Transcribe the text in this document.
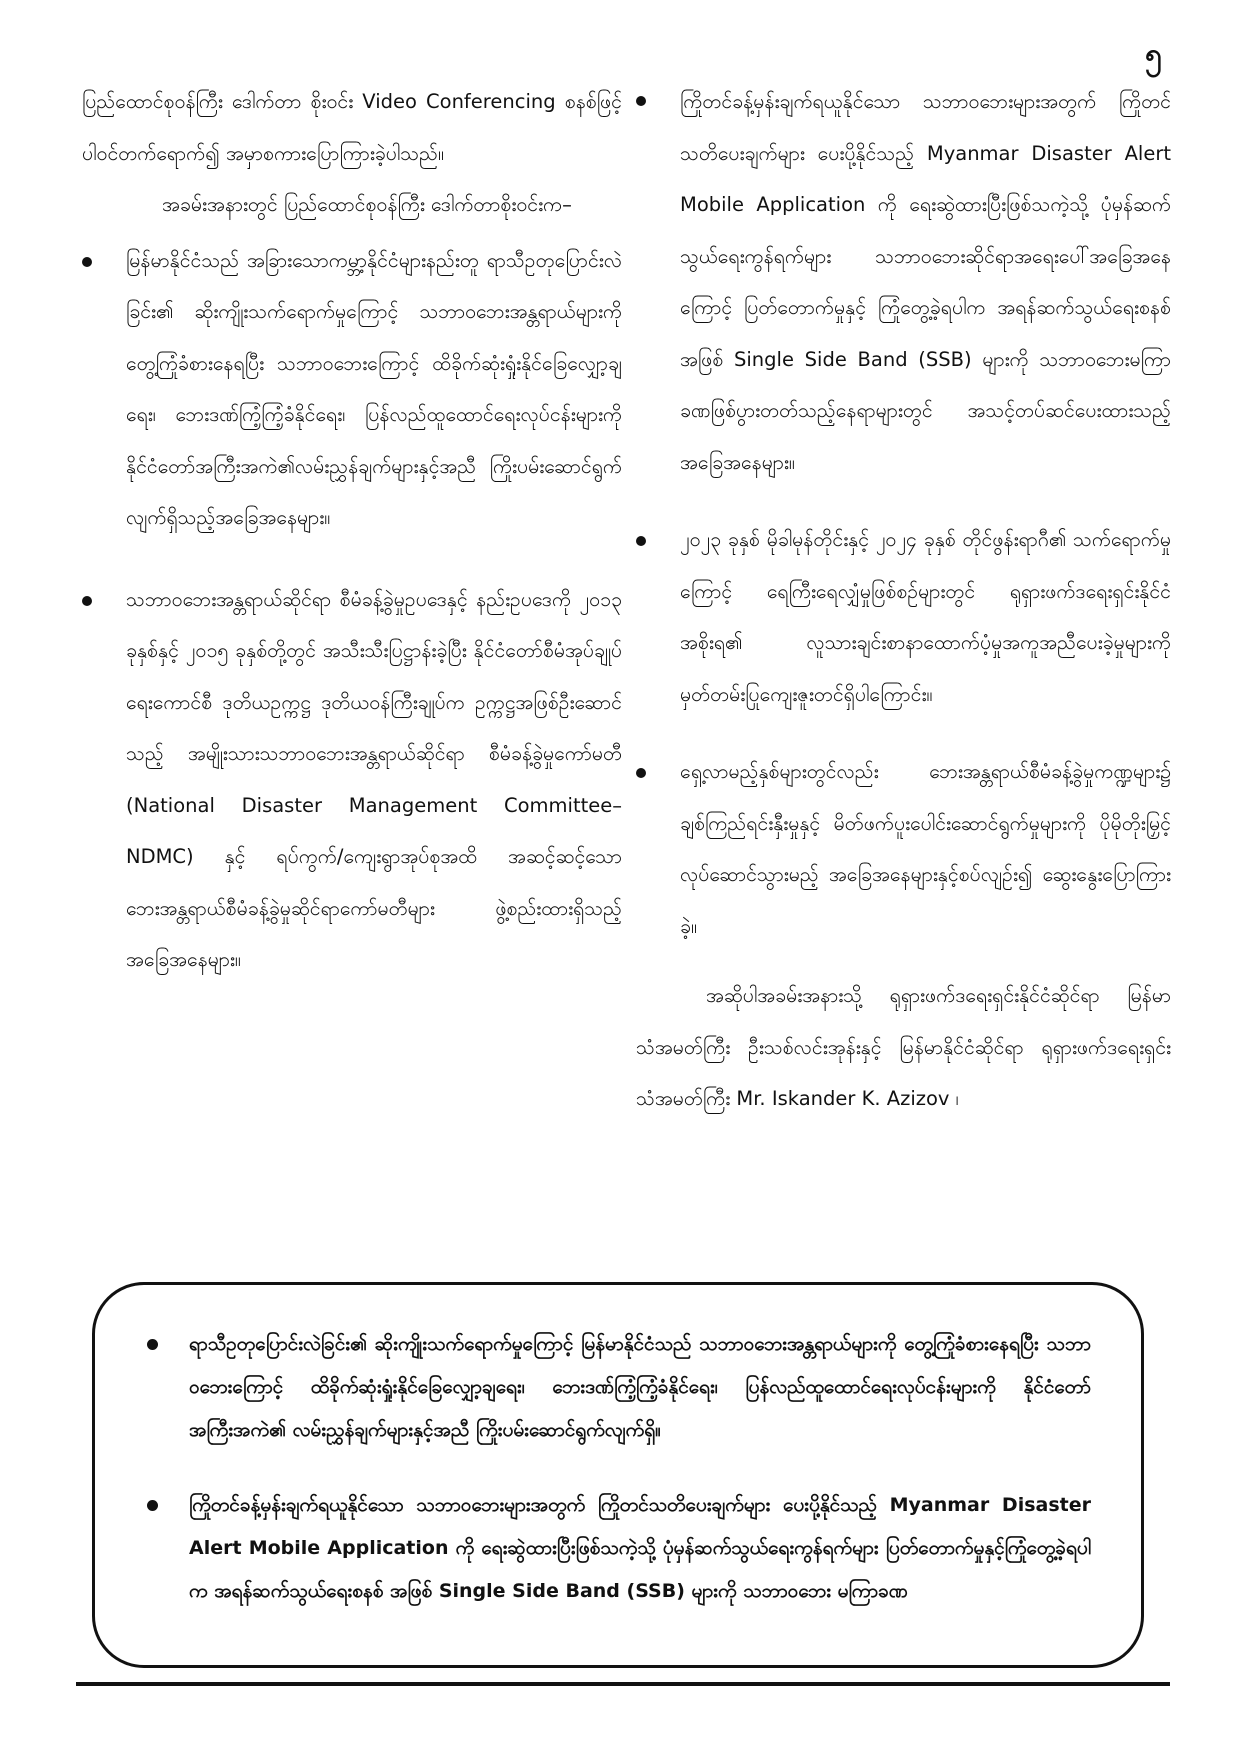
၅

ပြည်ထောင်စုဝန်ကြီး ဒေါက်တာ စိုးဝင်း Video Conferencing စနစ်ဖြင့် ပါဝင်တက်ရောက်၍ အမှာစကားပြောကြားခဲ့ပါသည်။

အခမ်းအနားတွင် ပြည်ထောင်စုဝန်ကြီး ဒေါက်တာစိုးဝင်းက–

မြန်မာနိုင်ငံသည် အခြားသောကမ္ဘာ့နိုင်ငံများနည်းတူ ရာသီဥတုပြောင်းလဲခြင်း၏ ဆိုးကျိုးသက်ရောက်မှုကြောင့် သဘာဝဘေးအန္တရာယ်များကို တွေ့ကြုံခံစားနေရပြီး သဘာဝဘေးကြောင့် ထိခိုက်ဆုံးရှုံးနိုင်ခြေလျှော့ချရေး၊ ဘေးဒဏ်ကြံ့ကြံ့ခံနိုင်ရေး၊ ပြန်လည်ထူထောင်ရေးလုပ်ငန်းများကို နိုင်ငံတော်အကြီးအကဲ၏လမ်းညွှန်ချက်များနှင့်အညီ ကြိုးပမ်းဆောင်ရွက်လျက်ရှိသည့်အခြေအနေများ။
သဘာဝဘေးအန္တရာယ်ဆိုင်ရာ စီမံခန့်ခွဲမှုဥပဒေနှင့် နည်းဥပဒေကို ၂၀၁၃ ခုနှစ်နှင့် ၂၀၁၅ ခုနှစ်တို့တွင် အသီးသီးပြဋ္ဌာန်းခဲ့ပြီး နိုင်ငံတော်စီမံအုပ်ချုပ်ရေးကောင်စီ ဒုတိယဥက္ကဋ္ဌ ဒုတိယဝန်ကြီးချုပ်က ဥက္ကဋ္ဌအဖြစ်ဦးဆောင်သည့် အမျိုးသားသဘာဝဘေးအန္တရာယ်ဆိုင်ရာ စီမံခန့်ခွဲမှုကော်မတီ (National Disaster Management Committee–NDMC) နှင့် ရပ်ကွက်/ကျေးရွာအုပ်စုအထိ အဆင့်ဆင့်သောဘေးအန္တရာယ်စီမံခန့်ခွဲမှုဆိုင်ရာကော်မတီများ ဖွဲ့စည်းထားရှိသည့်အခြေအနေများ။
ကြိုတင်ခန့်မှန်းချက်ရယူနိုင်သော သဘာဝဘေးများအတွက် ကြိုတင်သတိပေးချက်များ ပေးပို့နိုင်သည့် Myanmar Disaster Alert Mobile Application ကို ရေးဆွဲထားပြီးဖြစ်သကဲ့သို့ ပုံမှန်ဆက်သွယ်ရေးကွန်ရက်များ သဘာဝဘေးဆိုင်ရာအရေးပေါ်အခြေအနေကြောင့် ပြတ်တောက်မှုနှင့် ကြုံတွေ့ခဲ့ရပါက အရန်ဆက်သွယ်ရေးစနစ်အဖြစ် Single Side Band (SSB) များကို သဘာဝဘေးမကြာခဏဖြစ်ပွားတတ်သည့်နေရာများတွင် အသင့်တပ်ဆင်ပေးထားသည့်အခြေအနေများ။
၂၀၂၃ ခုနှစ် မိုခါမုန်တိုင်းနှင့် ၂၀၂၄ ခုနှစ် တိုင်ဖွန်းရာဂီ၏ သက်ရောက်မှုကြောင့် ရေကြီးရေလျှံမှုဖြစ်စဉ်များတွင် ရုရှားဖက်ဒရေးရှင်းနိုင်ငံအစိုးရ၏ လူသားချင်းစာနာထောက်ပံ့မှုအကူအညီပေးခဲ့မှုများကို မှတ်တမ်းပြုကျေးဇူးတင်ရှိပါကြောင်း။
ရှေ့လာမည့်နှစ်များတွင်လည်း ဘေးအန္တရာယ်စီမံခန့်ခွဲမှုကဏ္ဍများ၌ ချစ်ကြည်ရင်းနှီးမှုနှင့် မိတ်ဖက်ပူးပေါင်းဆောင်ရွက်မှုများကို ပိုမိုတိုးမြှင့်လုပ်ဆောင်သွားမည့် အခြေအနေများနှင့်စပ်လျဉ်း၍ ဆွေးနွေးပြောကြားခဲ့။

အဆိုပါအခမ်းအနားသို့ ရုရှားဖက်ဒရေးရှင်းနိုင်ငံဆိုင်ရာ မြန်မာသံအမတ်ကြီး ဦးသစ်လင်းအုန်းနှင့် မြန်မာနိုင်ငံဆိုင်ရာ ရုရှားဖက်ဒရေးရှင်းသံအမတ်ကြီး Mr. Iskander K. Azizov ၊

ရာသီဥတုပြောင်းလဲခြင်း၏ ဆိုးကျိုးသက်ရောက်မှုကြောင့် မြန်မာနိုင်ငံသည် သဘာဝဘေးအန္တရာယ်များကို တွေ့ကြုံခံစားနေရပြီး သဘာဝဘေးကြောင့် ထိခိုက်ဆုံးရှုံးနိုင်ခြေလျှော့ချရေး၊ ဘေးဒဏ်ကြံ့ကြံ့ခံနိုင်ရေး၊ ပြန်လည်ထူထောင်ရေးလုပ်ငန်းများကို နိုင်ငံတော်အကြီးအကဲ၏ လမ်းညွှန်ချက်များနှင့်အညီ ကြိုးပမ်းဆောင်ရွက်လျက်ရှိ။
ကြိုတင်ခန့်မှန်းချက်ရယူနိုင်သော သဘာဝဘေးများအတွက် ကြိုတင်သတိပေးချက်များ ပေးပို့နိုင်သည့် Myanmar Disaster Alert Mobile Application ကို ရေးဆွဲထားပြီးဖြစ်သကဲ့သို့ ပုံမှန်ဆက်သွယ်ရေးကွန်ရက်များ ပြတ်တောက်မှုနှင့်ကြုံတွေ့ခဲ့ရပါက အရန်ဆက်သွယ်ရေးစနစ် အဖြစ် Single Side Band (SSB) များကို သဘာဝဘေး မကြာခဏ
